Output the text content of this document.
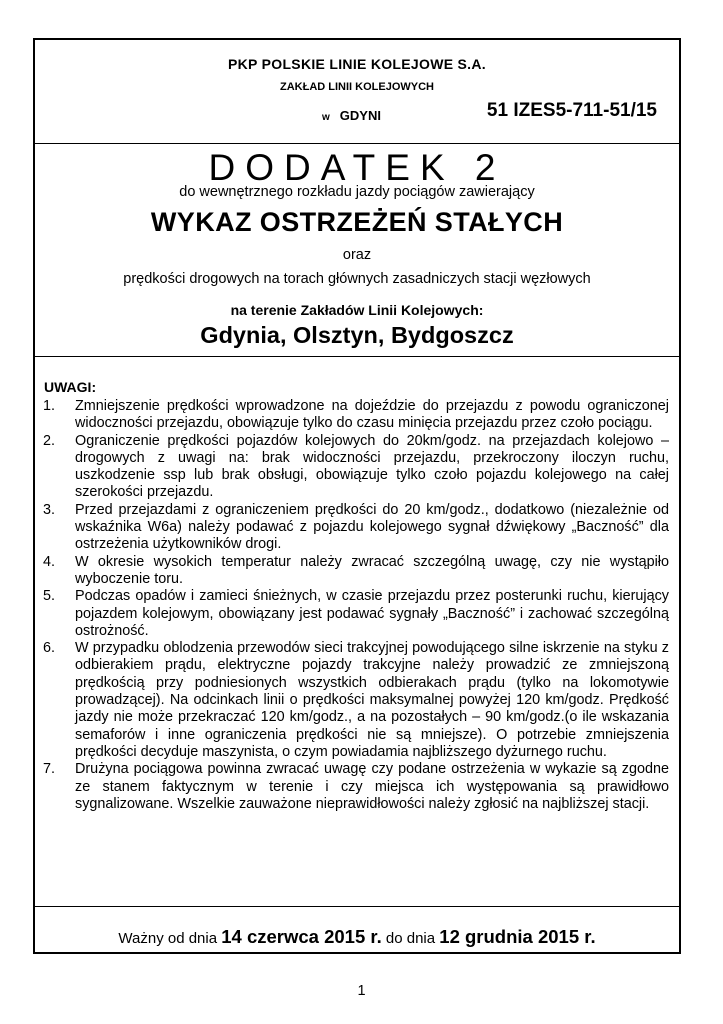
PKP POLSKIE LINIE KOLEJOWE S.A.
ZAKŁAD LINII KOLEJOWYCH
w GDYNI	51 IZES5-711-51/15
DODATEK 2
do wewnętrznego rozkładu jazdy pociągów zawierający
WYKAZ OSTRZEŻEŃ STAŁYCH
oraz
prędkości drogowych na torach głównych zasadniczych stacji węzłowych
na terenie Zakładów Linii Kolejowych:
Gdynia, Olsztyn, Bydgoszcz
UWAGI:
1. Zmniejszenie prędkości wprowadzone na dojeździe do przejazdu z powodu ograniczonej widoczności przejazdu, obowiązuje tylko do czasu minięcia przejazdu przez czoło pociągu.
2. Ograniczenie prędkości pojazdów kolejowych do 20km/godz. na przejazdach kolejowo – drogowych z uwagi na: brak widoczności przejazdu, przekroczony iloczyn ruchu, uszkodzenie ssp lub brak obsługi, obowiązuje tylko czoło pojazdu kolejowego na całej szerokości przejazdu.
3. Przed przejazdami z ograniczeniem prędkości do 20 km/godz., dodatkowo (niezależnie od wskaźnika W6a) należy podawać z pojazdu kolejowego sygnał dźwiękowy „Baczność” dla ostrzeżenia użytkowników drogi.
4. W okresie wysokich temperatur należy zwracać szczególną uwagę, czy nie wystąpiło wyboczenie toru.
5. Podczas opadów i zamieci śnieżnych, w czasie przejazdu przez posterunki ruchu, kierujący pojazdem kolejowym, obowiązany jest podawać sygnały „Baczność” i zachować szczególną ostrożność.
6. W przypadku oblodzenia przewodów sieci trakcyjnej powodującego silne iskrzenie na styku z odbierakiem prądu, elektryczne pojazdy trakcyjne należy prowadzić ze zmniejszoną prędkością przy podniesionych wszystkich odbierakach prądu (tylko na lokomotywie prowadzącej). Na odcinkach linii o prędkości maksymalnej powyżej 120 km/godz. Prędkość jazdy nie może przekraczać 120 km/godz., a na pozostałych – 90 km/godz.(o ile wskazania semaforów i inne ograniczenia prędkości nie są mniejsze). O potrzebie zmniejszenia prędkości decyduje maszynista, o czym powiadamia najbliższego dyżurnego ruchu.
7. Drużyna pociągowa powinna zwracać uwagę czy podane ostrzeżenia w wykazie są zgodne ze stanem faktycznym w terenie i czy miejsca ich występowania są prawidłowo sygnalizowane. Wszelkie zauważone nieprawidłowości należy zgłosić na najbliższej stacji.
Ważny od dnia 14 czerwca 2015 r. do dnia 12 grudnia 2015 r.
1
